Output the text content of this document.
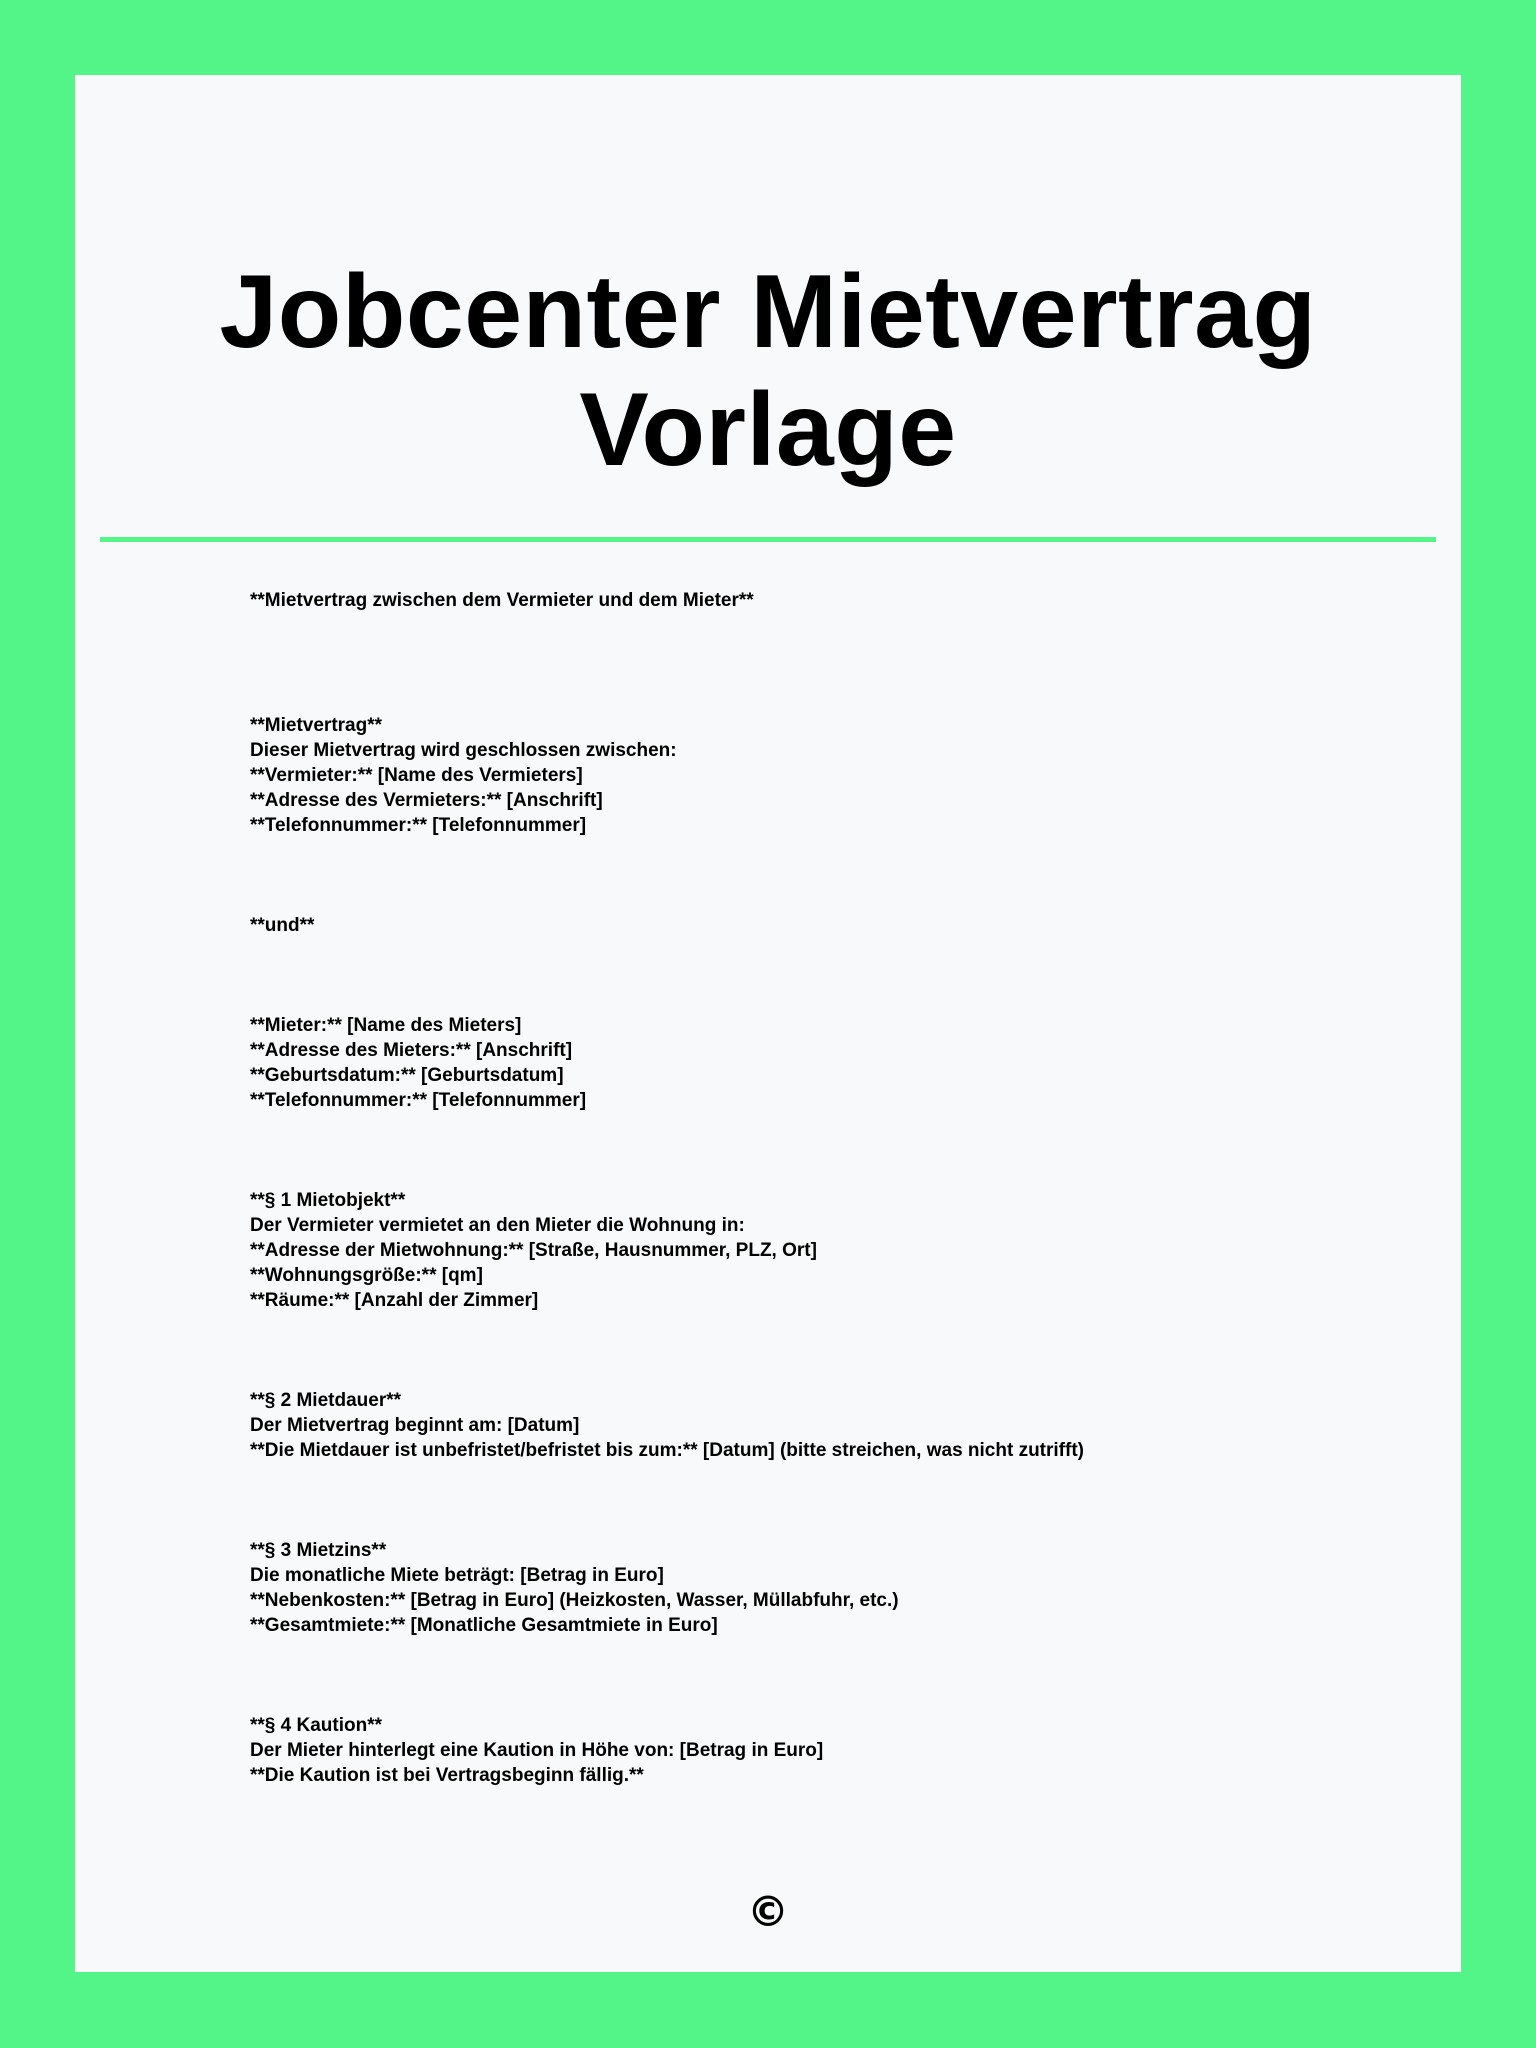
Jobcenter Mietvertrag
Vorlage
**Mietvertrag zwischen dem Vermieter und dem Mieter**
**Mietvertrag**
Dieser Mietvertrag wird geschlossen zwischen:
**Vermieter:** [Name des Vermieters]
**Adresse des Vermieters:** [Anschrift]
**Telefonnummer:** [Telefonnummer]
**und**
**Mieter:** [Name des Mieters]
**Adresse des Mieters:** [Anschrift]
**Geburtsdatum:** [Geburtsdatum]
**Telefonnummer:** [Telefonnummer]
**§ 1 Mietobjekt**
Der Vermieter vermietet an den Mieter die Wohnung in:
**Adresse der Mietwohnung:** [Straße, Hausnummer, PLZ, Ort]
**Wohnungsgröße:** [qm]
**Räume:** [Anzahl der Zimmer]
**§ 2 Mietdauer**
Der Mietvertrag beginnt am: [Datum]
**Die Mietdauer ist unbefristet/befristet bis zum:** [Datum] (bitte streichen, was nicht zutrifft)
**§ 3 Mietzins**
Die monatliche Miete beträgt: [Betrag in Euro]
**Nebenkosten:** [Betrag in Euro] (Heizkosten, Wasser, Müllabfuhr, etc.)
**Gesamtmiete:** [Monatliche Gesamtmiete in Euro]
**§ 4 Kaution**
Der Mieter hinterlegt eine Kaution in Höhe von: [Betrag in Euro]
**Die Kaution ist bei Vertragsbeginn fällig.**
©
